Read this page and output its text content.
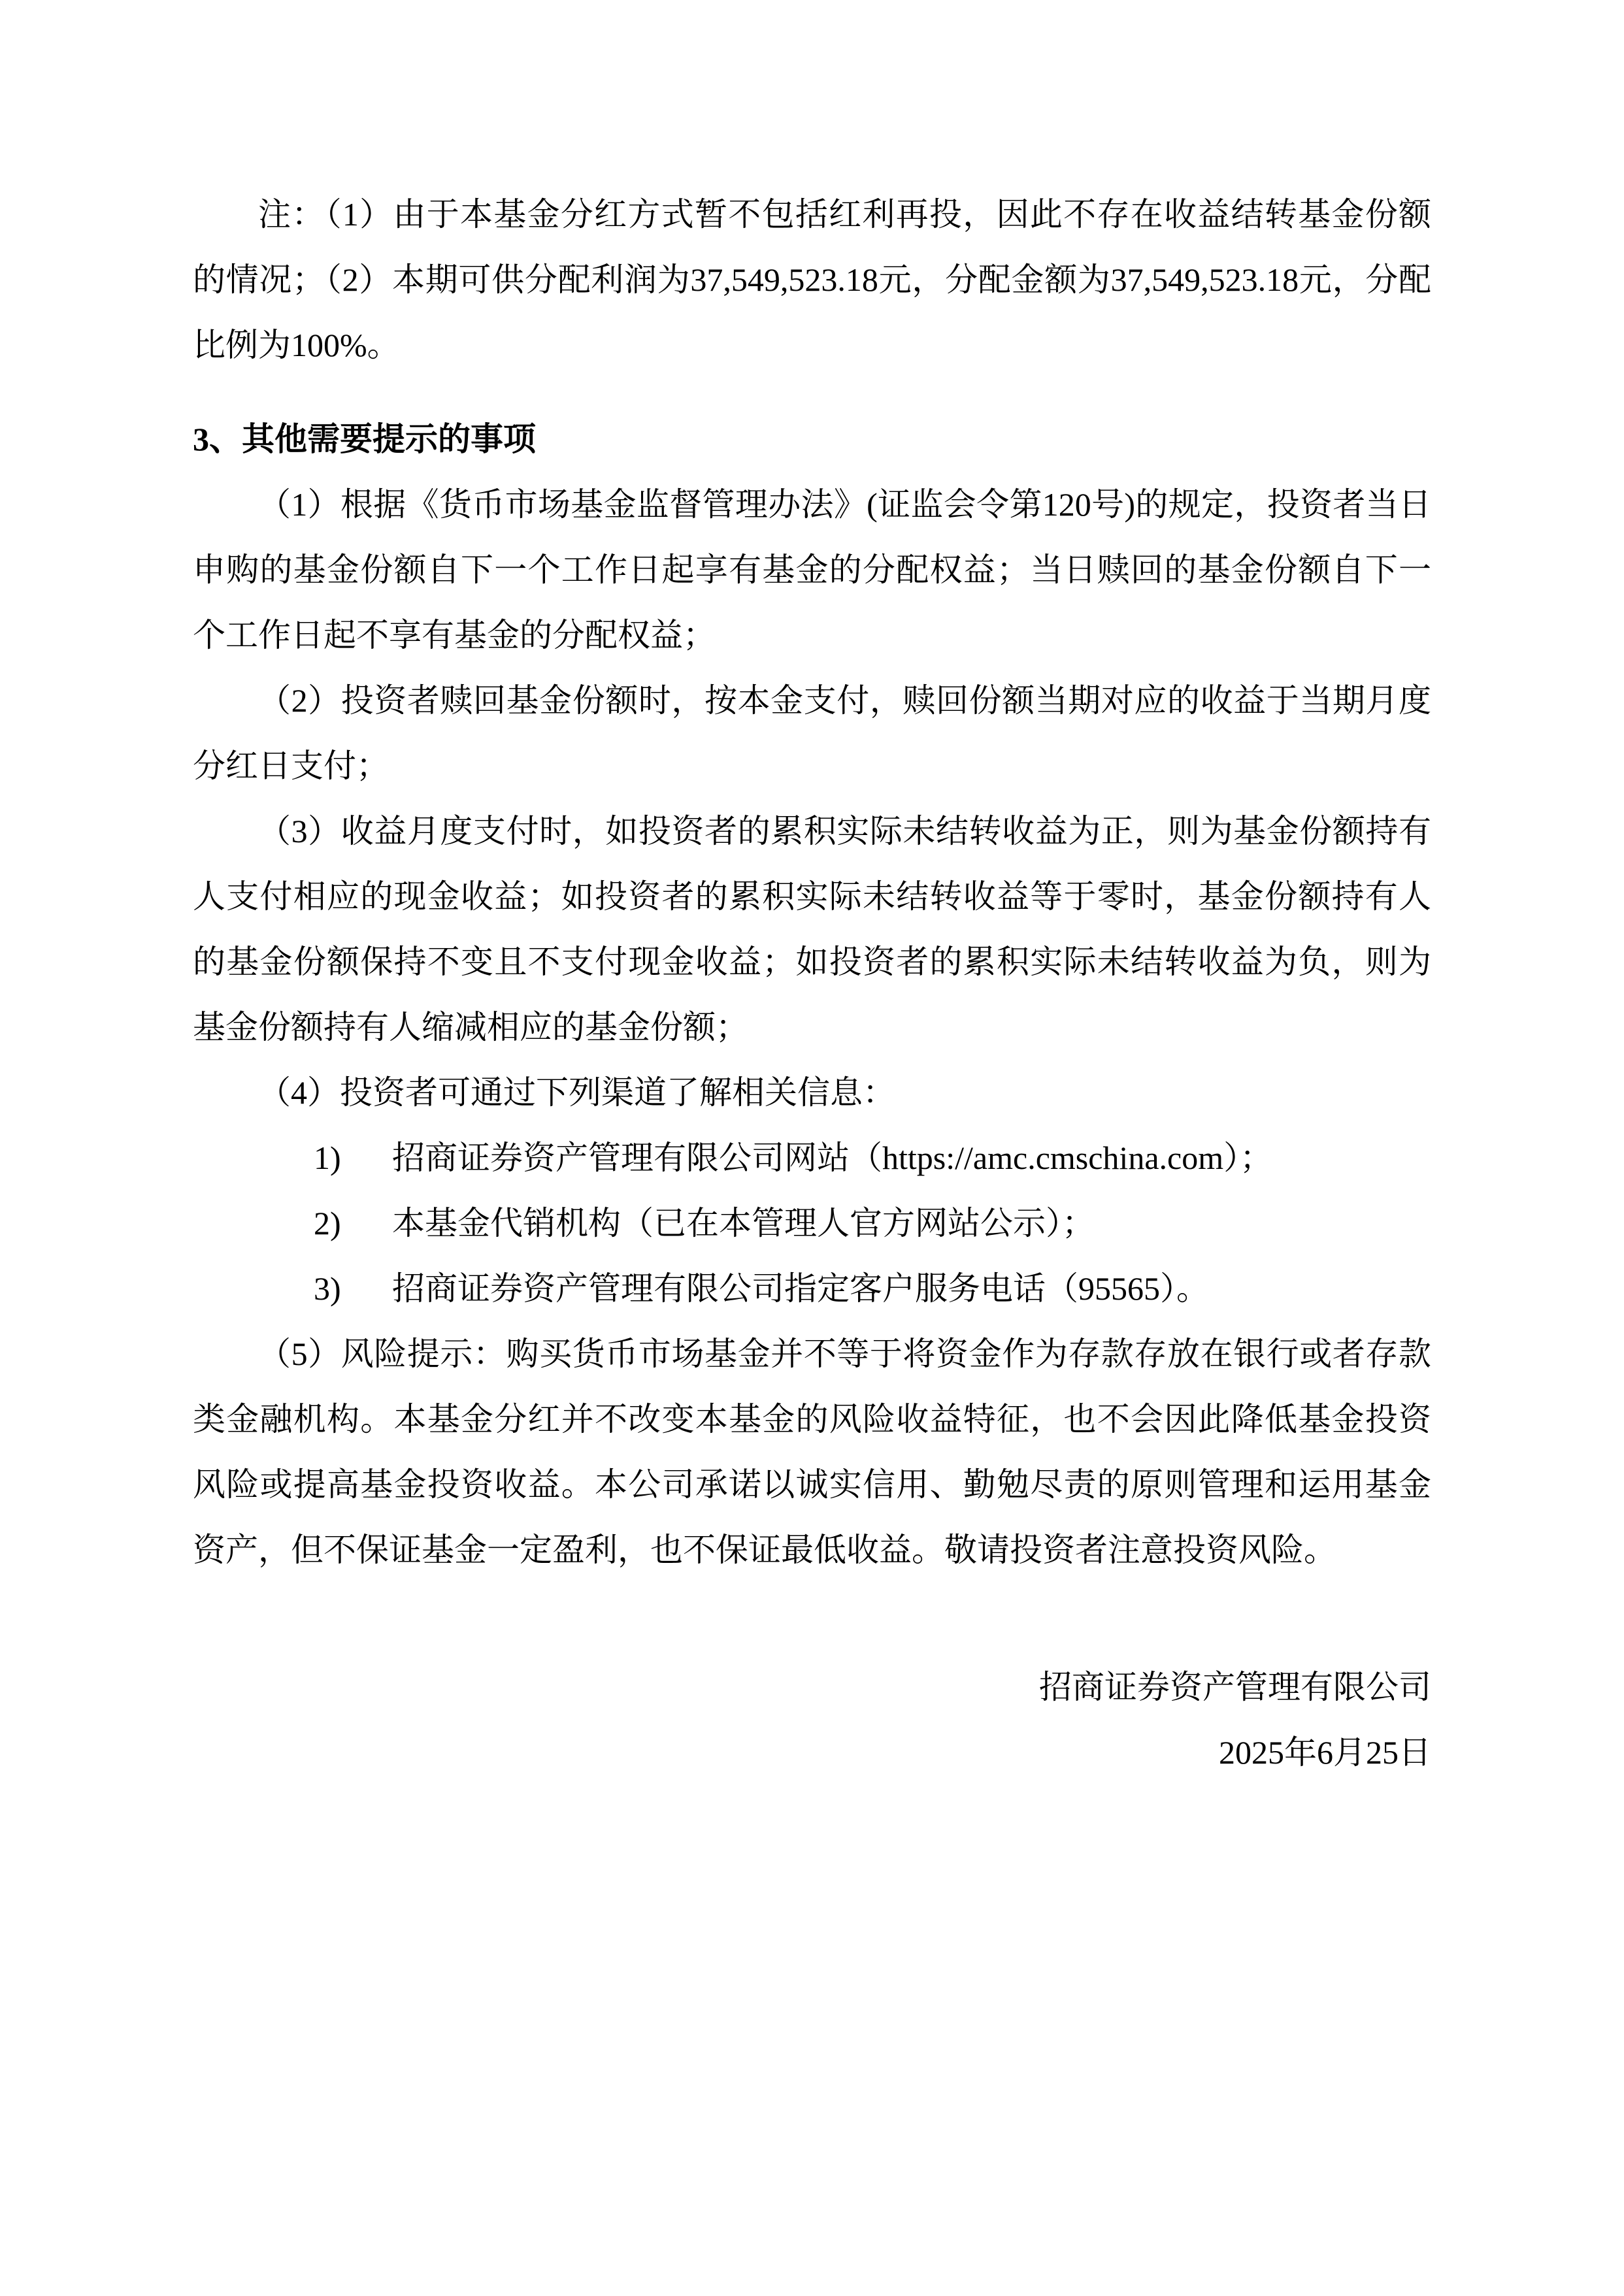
注：（1）由于本基金分红方式暂不包括红利再投，因此不存在收益结转基金份额的情况；（2）本期可供分配利润为37,549,523.18元，分配金额为37,549,523.18元，分配比例为100%。

3、其他需要提示的事项

（1）根据《货币市场基金监督管理办法》(证监会令第120号)的规定，投资者当日申购的基金份额自下一个工作日起享有基金的分配权益；当日赎回的基金份额自下一个工作日起不享有基金的分配权益；

（2）投资者赎回基金份额时，按本金支付，赎回份额当期对应的收益于当期月度分红日支付；

（3）收益月度支付时，如投资者的累积实际未结转收益为正，则为基金份额持有人支付相应的现金收益；如投资者的累积实际未结转收益等于零时，基金份额持有人的基金份额保持不变且不支付现金收益；如投资者的累积实际未结转收益为负，则为基金份额持有人缩减相应的基金份额；

（4）投资者可通过下列渠道了解相关信息：

1) 招商证券资产管理有限公司网站（https://amc.cmschina.com）；

2) 本基金代销机构（已在本管理人官方网站公示）；

3) 招商证券资产管理有限公司指定客户服务电话（95565）。

（5）风险提示：购买货币市场基金并不等于将资金作为存款存放在银行或者存款类金融机构。本基金分红并不改变本基金的风险收益特征，也不会因此降低基金投资风险或提高基金投资收益。本公司承诺以诚实信用、勤勉尽责的原则管理和运用基金资产，但不保证基金一定盈利，也不保证最低收益。敬请投资者注意投资风险。

招商证券资产管理有限公司

2025年6月25日
